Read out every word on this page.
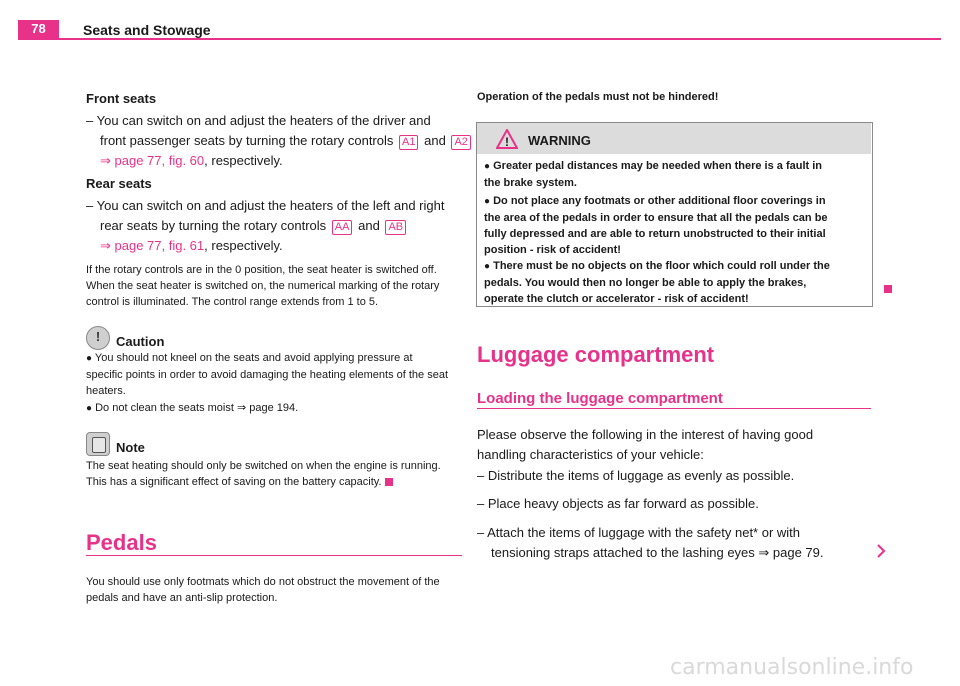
78	Seats and Stowage
Front seats
– You can switch on and adjust the heaters of the driver and
front passenger seats by turning the rotary controls A1 and A2
⇒ page 77, fig. 60, respectively.
Rear seats
– You can switch on and adjust the heaters of the left and right
rear seats by turning the rotary controls AA and AB
⇒ page 77, fig. 61, respectively.
If the rotary controls are in the 0 position, the seat heater is switched off.
When the seat heater is switched on, the numerical marking of the rotary
control is illuminated. The control range extends from 1 to 5.
!	Caution
● You should not kneel on the seats and avoid applying pressure at
specific points in order to avoid damaging the heating elements of the seat
heaters.
● Do not clean the seats moist ⇒ page 194.
Note
The seat heating should only be switched on when the engine is running.
This has a significant effect of saving on the battery capacity.
Pedals
You should use only footmats which do not obstruct the movement of the
pedals and have an anti-slip protection.
Operation of the pedals must not be hindered!
! WARNING
● Greater pedal distances may be needed when there is a fault in
the brake system.
● Do not place any footmats or other additional floor coverings in
the area of the pedals in order to ensure that all the pedals can be
fully depressed and are able to return unobstructed to their initial
position - risk of accident!
● There must be no objects on the floor which could roll under the
pedals. You would then no longer be able to apply the brakes,
operate the clutch or accelerator - risk of accident!
Luggage compartment
Loading the luggage compartment
Please observe the following in the interest of having good
handling characteristics of your vehicle:
– Distribute the items of luggage as evenly as possible.
– Place heavy objects as far forward as possible.
– Attach the items of luggage with the safety net* or with
tensioning straps attached to the lashing eyes ⇒ page 79.
carmanualsonline.info
